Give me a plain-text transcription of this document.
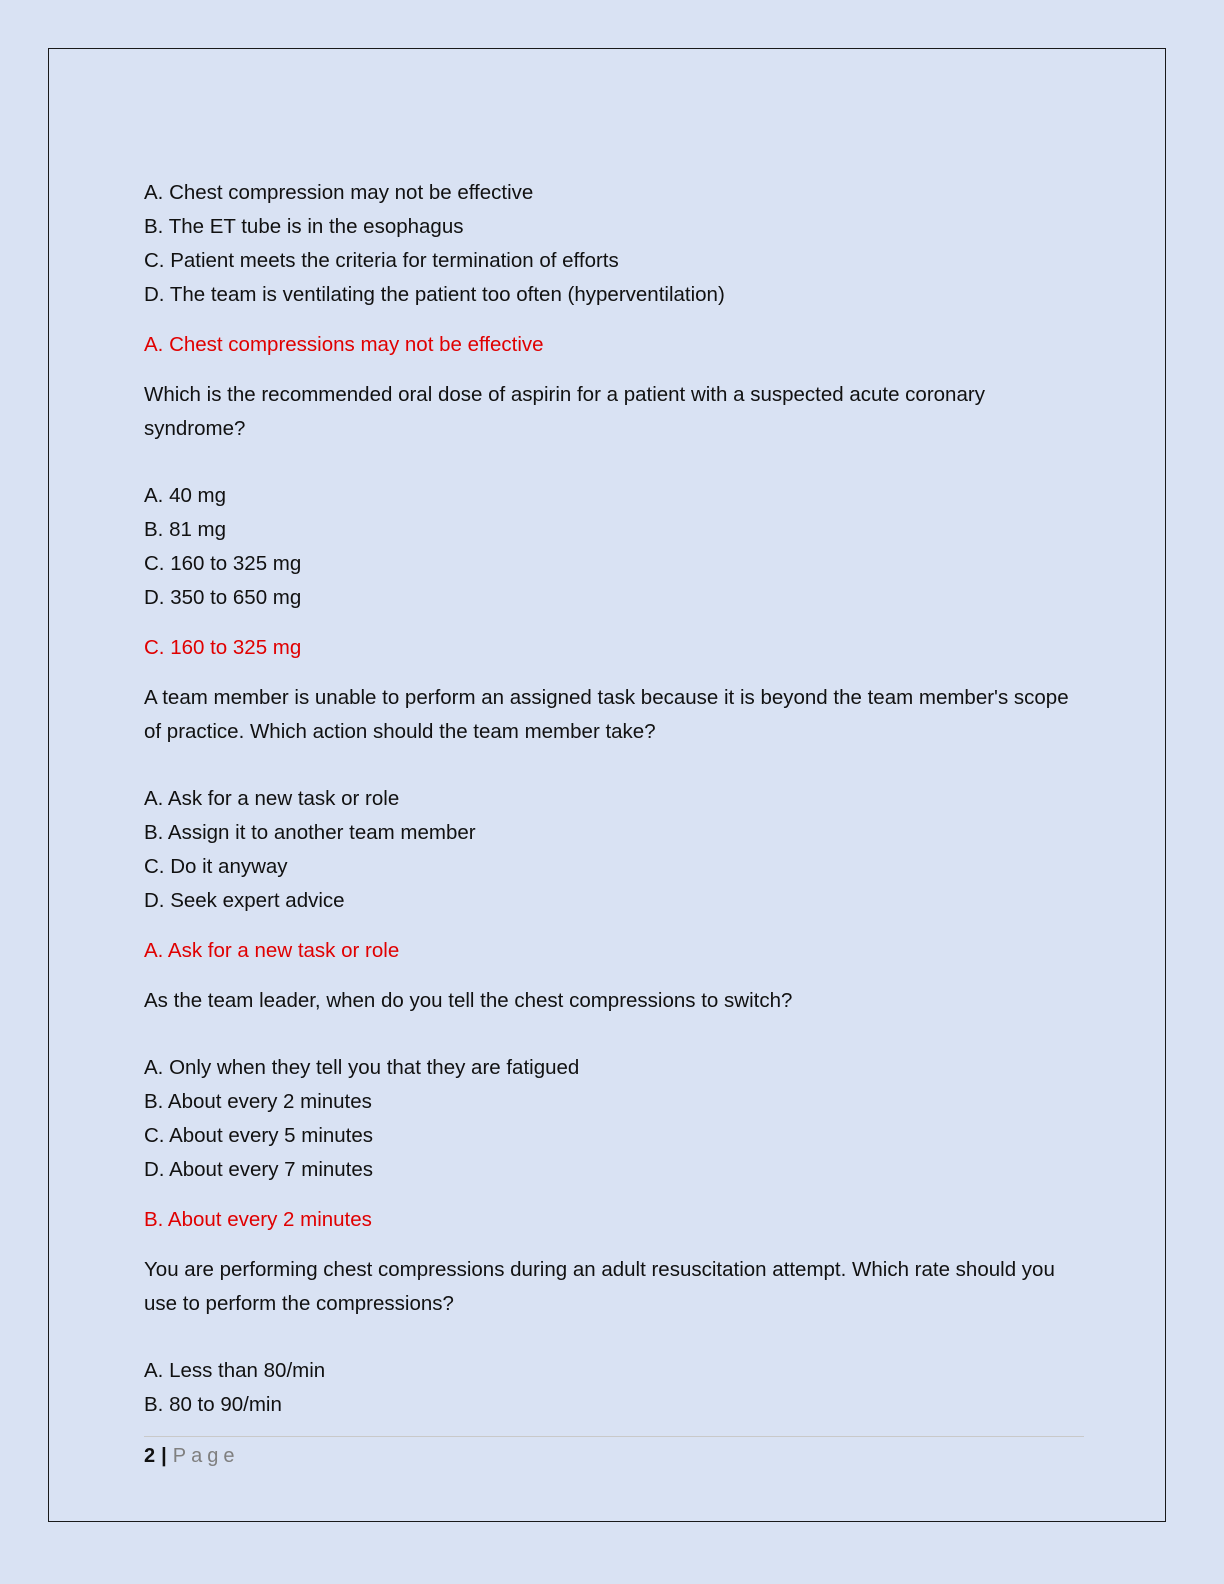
A. Chest compression may not be effective
B. The ET tube is in the esophagus
C. Patient meets the criteria for termination of efforts
D. The team is ventilating the patient too often (hyperventilation)
A. Chest compressions may not be effective
Which is the recommended oral dose of aspirin for a patient with a suspected acute coronary syndrome?
A. 40 mg
B. 81 mg
C. 160 to 325 mg
D. 350 to 650 mg
C. 160 to 325 mg
A team member is unable to perform an assigned task because it is beyond the team member's scope of practice. Which action should the team member take?
A. Ask for a new task or role
B. Assign it to another team member
C. Do it anyway
D. Seek expert advice
A. Ask for a new task or role
As the team leader, when do you tell the chest compressions to switch?
A. Only when they tell you that they are fatigued
B. About every 2 minutes
C. About every 5 minutes
D. About every 7 minutes
B. About every 2 minutes
You are performing chest compressions during an adult resuscitation attempt. Which rate should you use to perform the compressions?
A. Less than 80/min
B. 80 to 90/min
2 | Page
